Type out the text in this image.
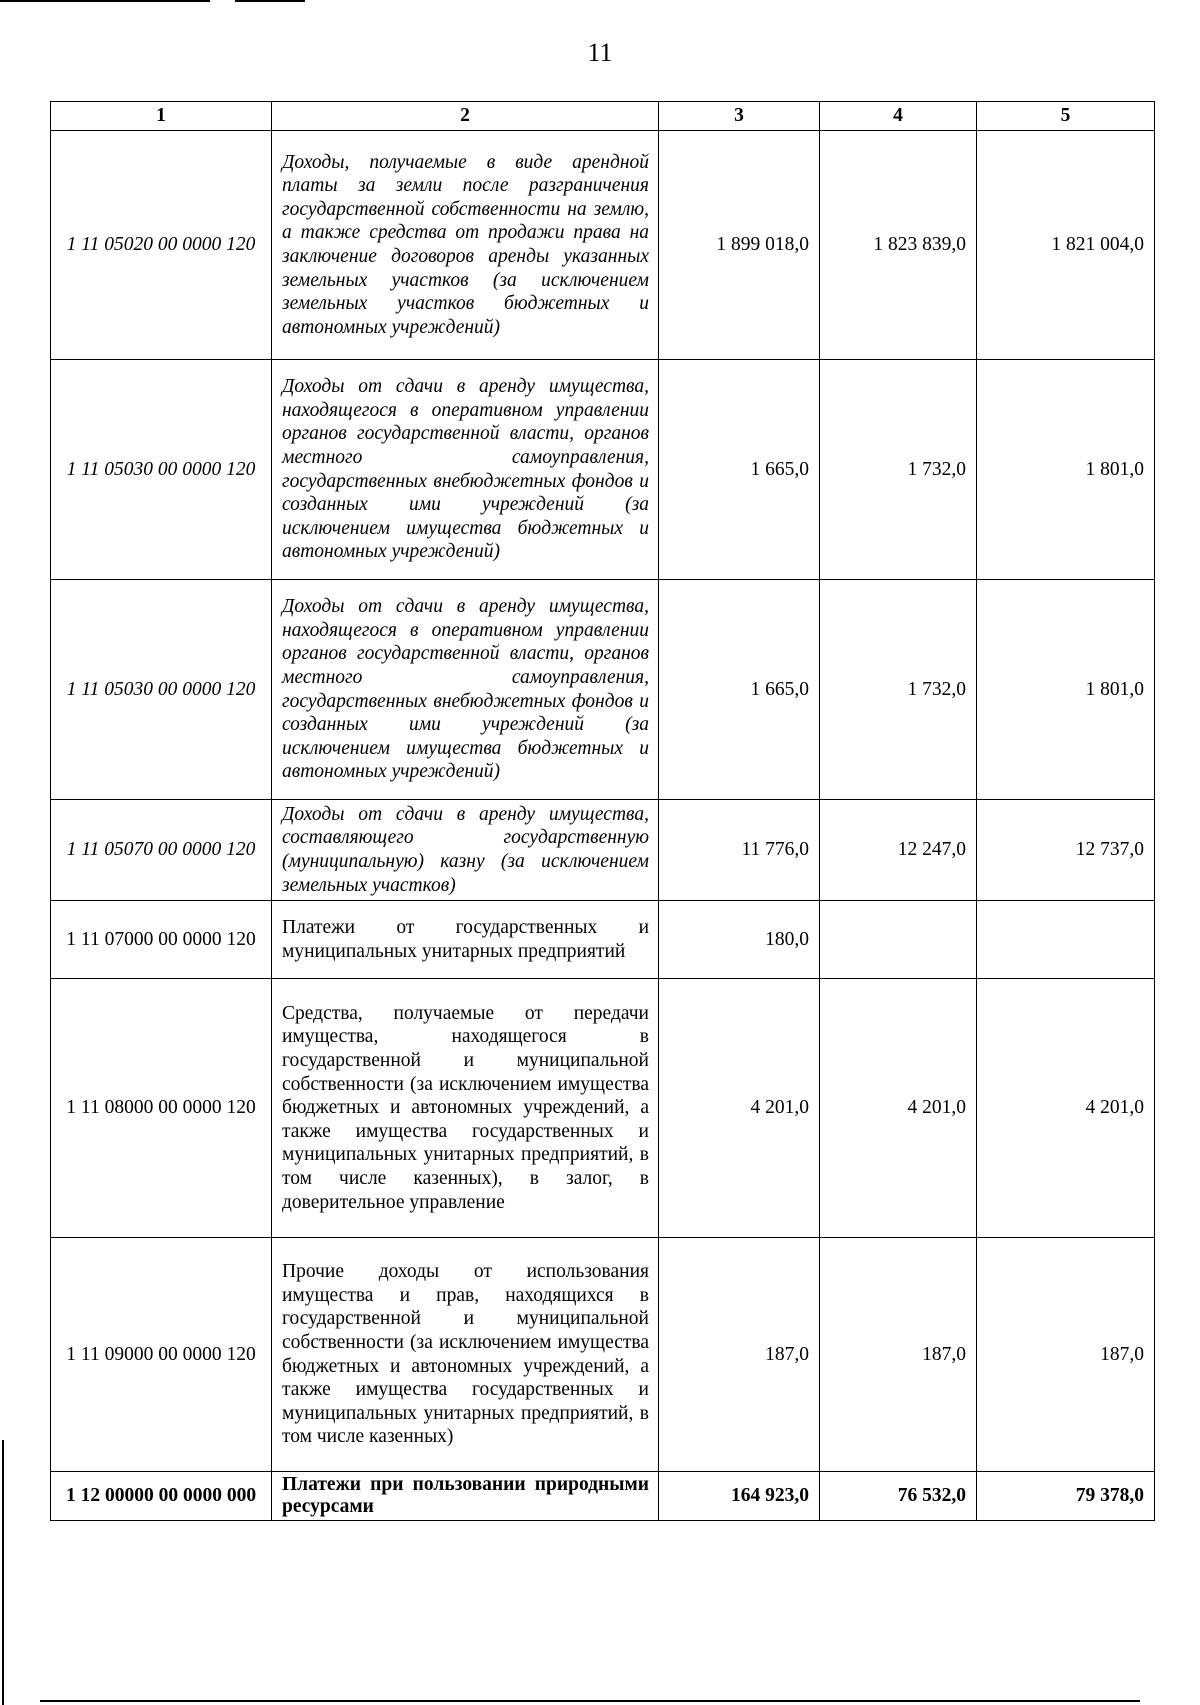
11
1	2	3	4	5
1 11 05020 00 0000 120	Доходы, получаемые в виде арендной платы за земли после разграничения государственной собственности на землю, а также средства от продажи права на заключение договоров аренды указанных земельных участков (за исключением земельных участков бюджетных и автономных учреждений)	1 899 018,0	1 823 839,0	1 821 004,0
1 11 05030 00 0000 120	Доходы от сдачи в аренду имущества, находящегося в оперативном управлении органов государственной власти, органов местного самоуправления, государственных внебюджетных фондов и созданных ими учреждений (за исключением имущества бюджетных и автономных учреждений)	1 665,0	1 732,0	1 801,0
1 11 05030 00 0000 120	Доходы от сдачи в аренду имущества, находящегося в оперативном управлении органов государственной власти, органов местного самоуправления, государственных внебюджетных фондов и созданных ими учреждений (за исключением имущества бюджетных и автономных учреждений)	1 665,0	1 732,0	1 801,0
1 11 05070 00 0000 120	Доходы от сдачи в аренду имущества, составляющего государственную (муниципальную) казну (за исключением земельных участков)	11 776,0	12 247,0	12 737,0
1 11 07000 00 0000 120	Платежи от государственных и муниципальных унитарных предприятий	180,0		
1 11 08000 00 0000 120	Средства, получаемые от передачи имущества, находящегося в государственной и муниципальной собственности (за исключением имущества бюджетных и автономных учреждений, а также имущества государственных и муниципальных унитарных предприятий, в том числе казенных), в залог, в доверительное управление	4 201,0	4 201,0	4 201,0
1 11 09000 00 0000 120	Прочие доходы от использования имущества и прав, находящихся в государственной и муниципальной собственности (за исключением имущества бюджетных и автономных учреждений, а также имущества государственных и муниципальных унитарных предприятий, в том числе казенных)	187,0	187,0	187,0
1 12 00000 00 0000 000	Платежи при пользовании природными ресурсами	164 923,0	76 532,0	79 378,0
